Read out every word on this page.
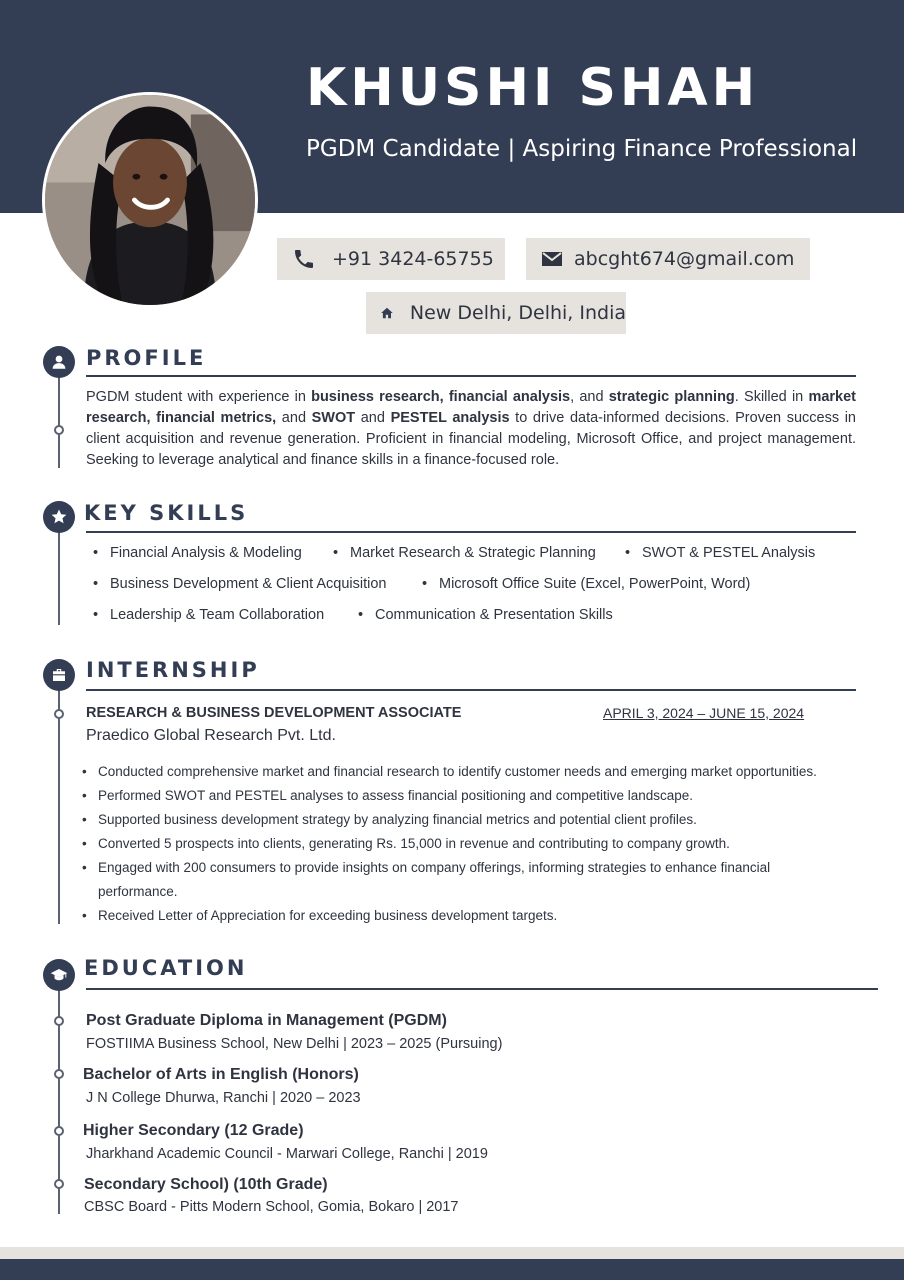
KHUSHI SHAH
PGDM Candidate | Aspiring Finance Professional
+91 3424-65755	abcght674@gmail.com
New Delhi, Delhi, India
PROFILE
PGDM student with experience in business research, financial analysis, and strategic planning. Skilled in market research, financial metrics, and SWOT and PESTEL analysis to drive data-informed decisions. Proven success in client acquisition and revenue generation. Proficient in financial modeling, Microsoft Office, and project management. Seeking to leverage analytical and finance skills in a finance-focused role.
KEY SKILLS
• Financial Analysis & Modeling	• Market Research & Strategic Planning	• SWOT & PESTEL Analysis
• Business Development & Client Acquisition	• Microsoft Office Suite (Excel, PowerPoint, Word)
• Leadership & Team Collaboration	• Communication & Presentation Skills
INTERNSHIP
RESEARCH & BUSINESS DEVELOPMENT ASSOCIATE	APRIL 3, 2024 – JUNE 15, 2024
Praedico Global Research Pvt. Ltd.
• Conducted comprehensive market and financial research to identify customer needs and emerging market opportunities.
• Performed SWOT and PESTEL analyses to assess financial positioning and competitive landscape.
• Supported business development strategy by analyzing financial metrics and potential client profiles.
• Converted 5 prospects into clients, generating Rs. 15,000 in revenue and contributing to company growth.
• Engaged with 200 consumers to provide insights on company offerings, informing strategies to enhance financial performance.
• Received Letter of Appreciation for exceeding business development targets.
EDUCATION
Post Graduate Diploma in Management (PGDM)
FOSTIIMA Business School, New Delhi | 2023 – 2025 (Pursuing)
Bachelor of Arts in English (Honors)
J N College Dhurwa, Ranchi | 2020 – 2023
Higher Secondary (12 Grade)
Jharkhand Academic Council - Marwari College, Ranchi | 2019
Secondary School) (10th Grade)
CBSC Board - Pitts Modern School, Gomia, Bokaro | 2017
